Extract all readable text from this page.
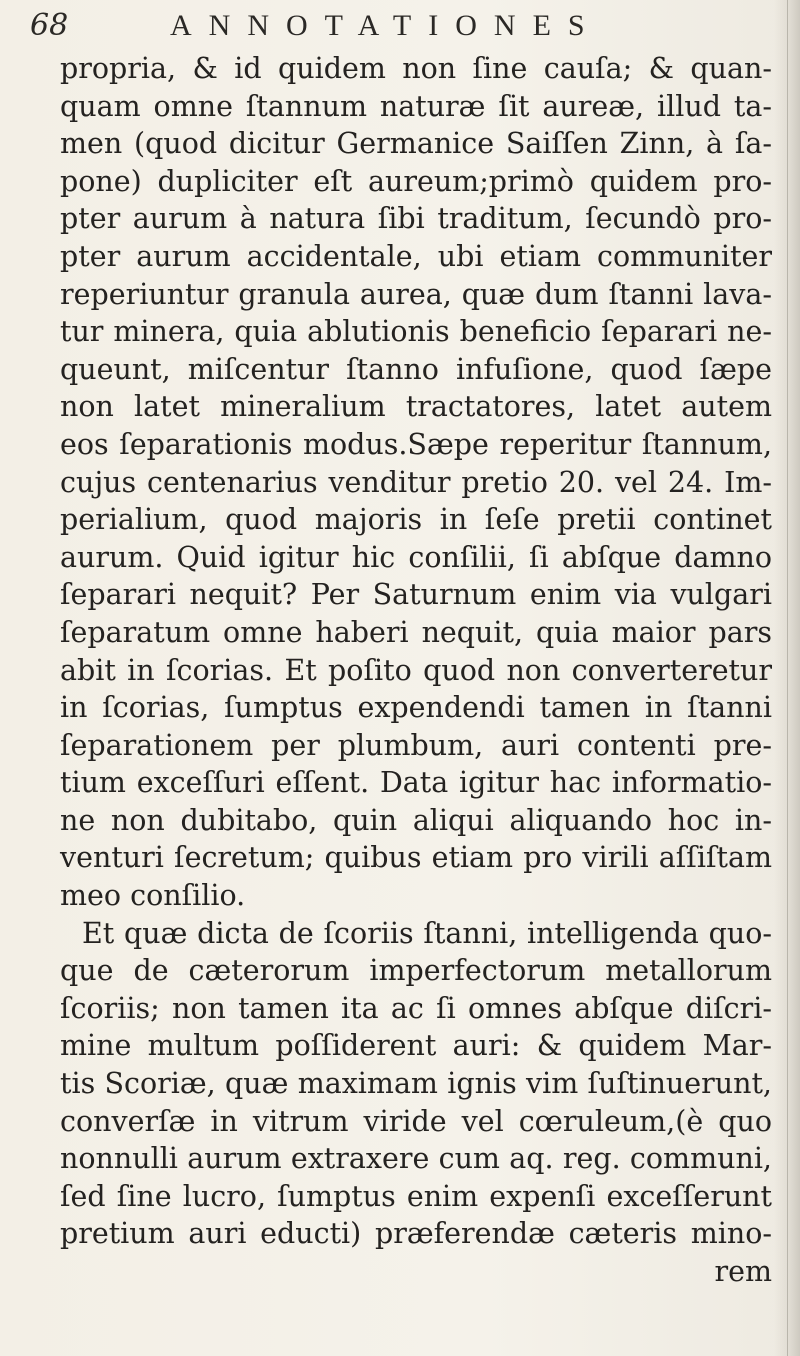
68	ANNOTATIONES
propria, & id quidem non ſine cauſa; & quan-
quam omne ſtannum naturæ ſit aureæ, illud ta-
men (quod dicitur Germanice Saiſſen Zinn, à ſa-
pone) dupliciter eſt aureum;primò quidem pro-
pter aurum à natura ſibi traditum, ſecundò pro-
pter aurum accidentale, ubi etiam communiter
reperiuntur granula aurea, quæ dum ſtanni lava-
tur minera, quia ablutionis beneficio ſeparari ne-
queunt, miſcentur ſtanno infuſione, quod ſæpe
non latet mineralium tractatores, latet autem
eos ſeparationis modus.Sæpe reperitur ſtannum,
cujus centenarius venditur pretio 20. vel 24. Im-
perialium, quod majoris in ſeſe pretii continet
aurum. Quid igitur hic conſilii, ſi abſque damno
ſeparari nequit? Per Saturnum enim via vulgari
ſeparatum omne haberi nequit, quia maior pars
abit in ſcorias. Et poſito quod non converteretur
in ſcorias, ſumptus expendendi tamen in ſtanni
ſeparationem per plumbum, auri contenti pre-
tium exceſſuri eſſent. Data igitur hac informatio-
ne non dubitabo, quin aliqui aliquando hoc in-
venturi ſecretum; quibus etiam pro virili aſſiſtam
meo conſilio.
Et quæ dicta de ſcoriis ſtanni, intelligenda quo-
que de cæterorum imperfectorum metallorum
ſcoriis; non tamen ita ac ſi omnes abſque diſcri-
mine multum poſſiderent auri: & quidem Mar-
tis Scoriæ, quæ maximam ignis vim ſuſtinuerunt,
converſæ in vitrum viride vel cœruleum,(è quo
nonnulli aurum extraxere cum aq. reg. communi,
ſed ſine lucro, ſumptus enim expenſi exceſſerunt
pretium auri educti) præferendæ cæteris mino-
rem
